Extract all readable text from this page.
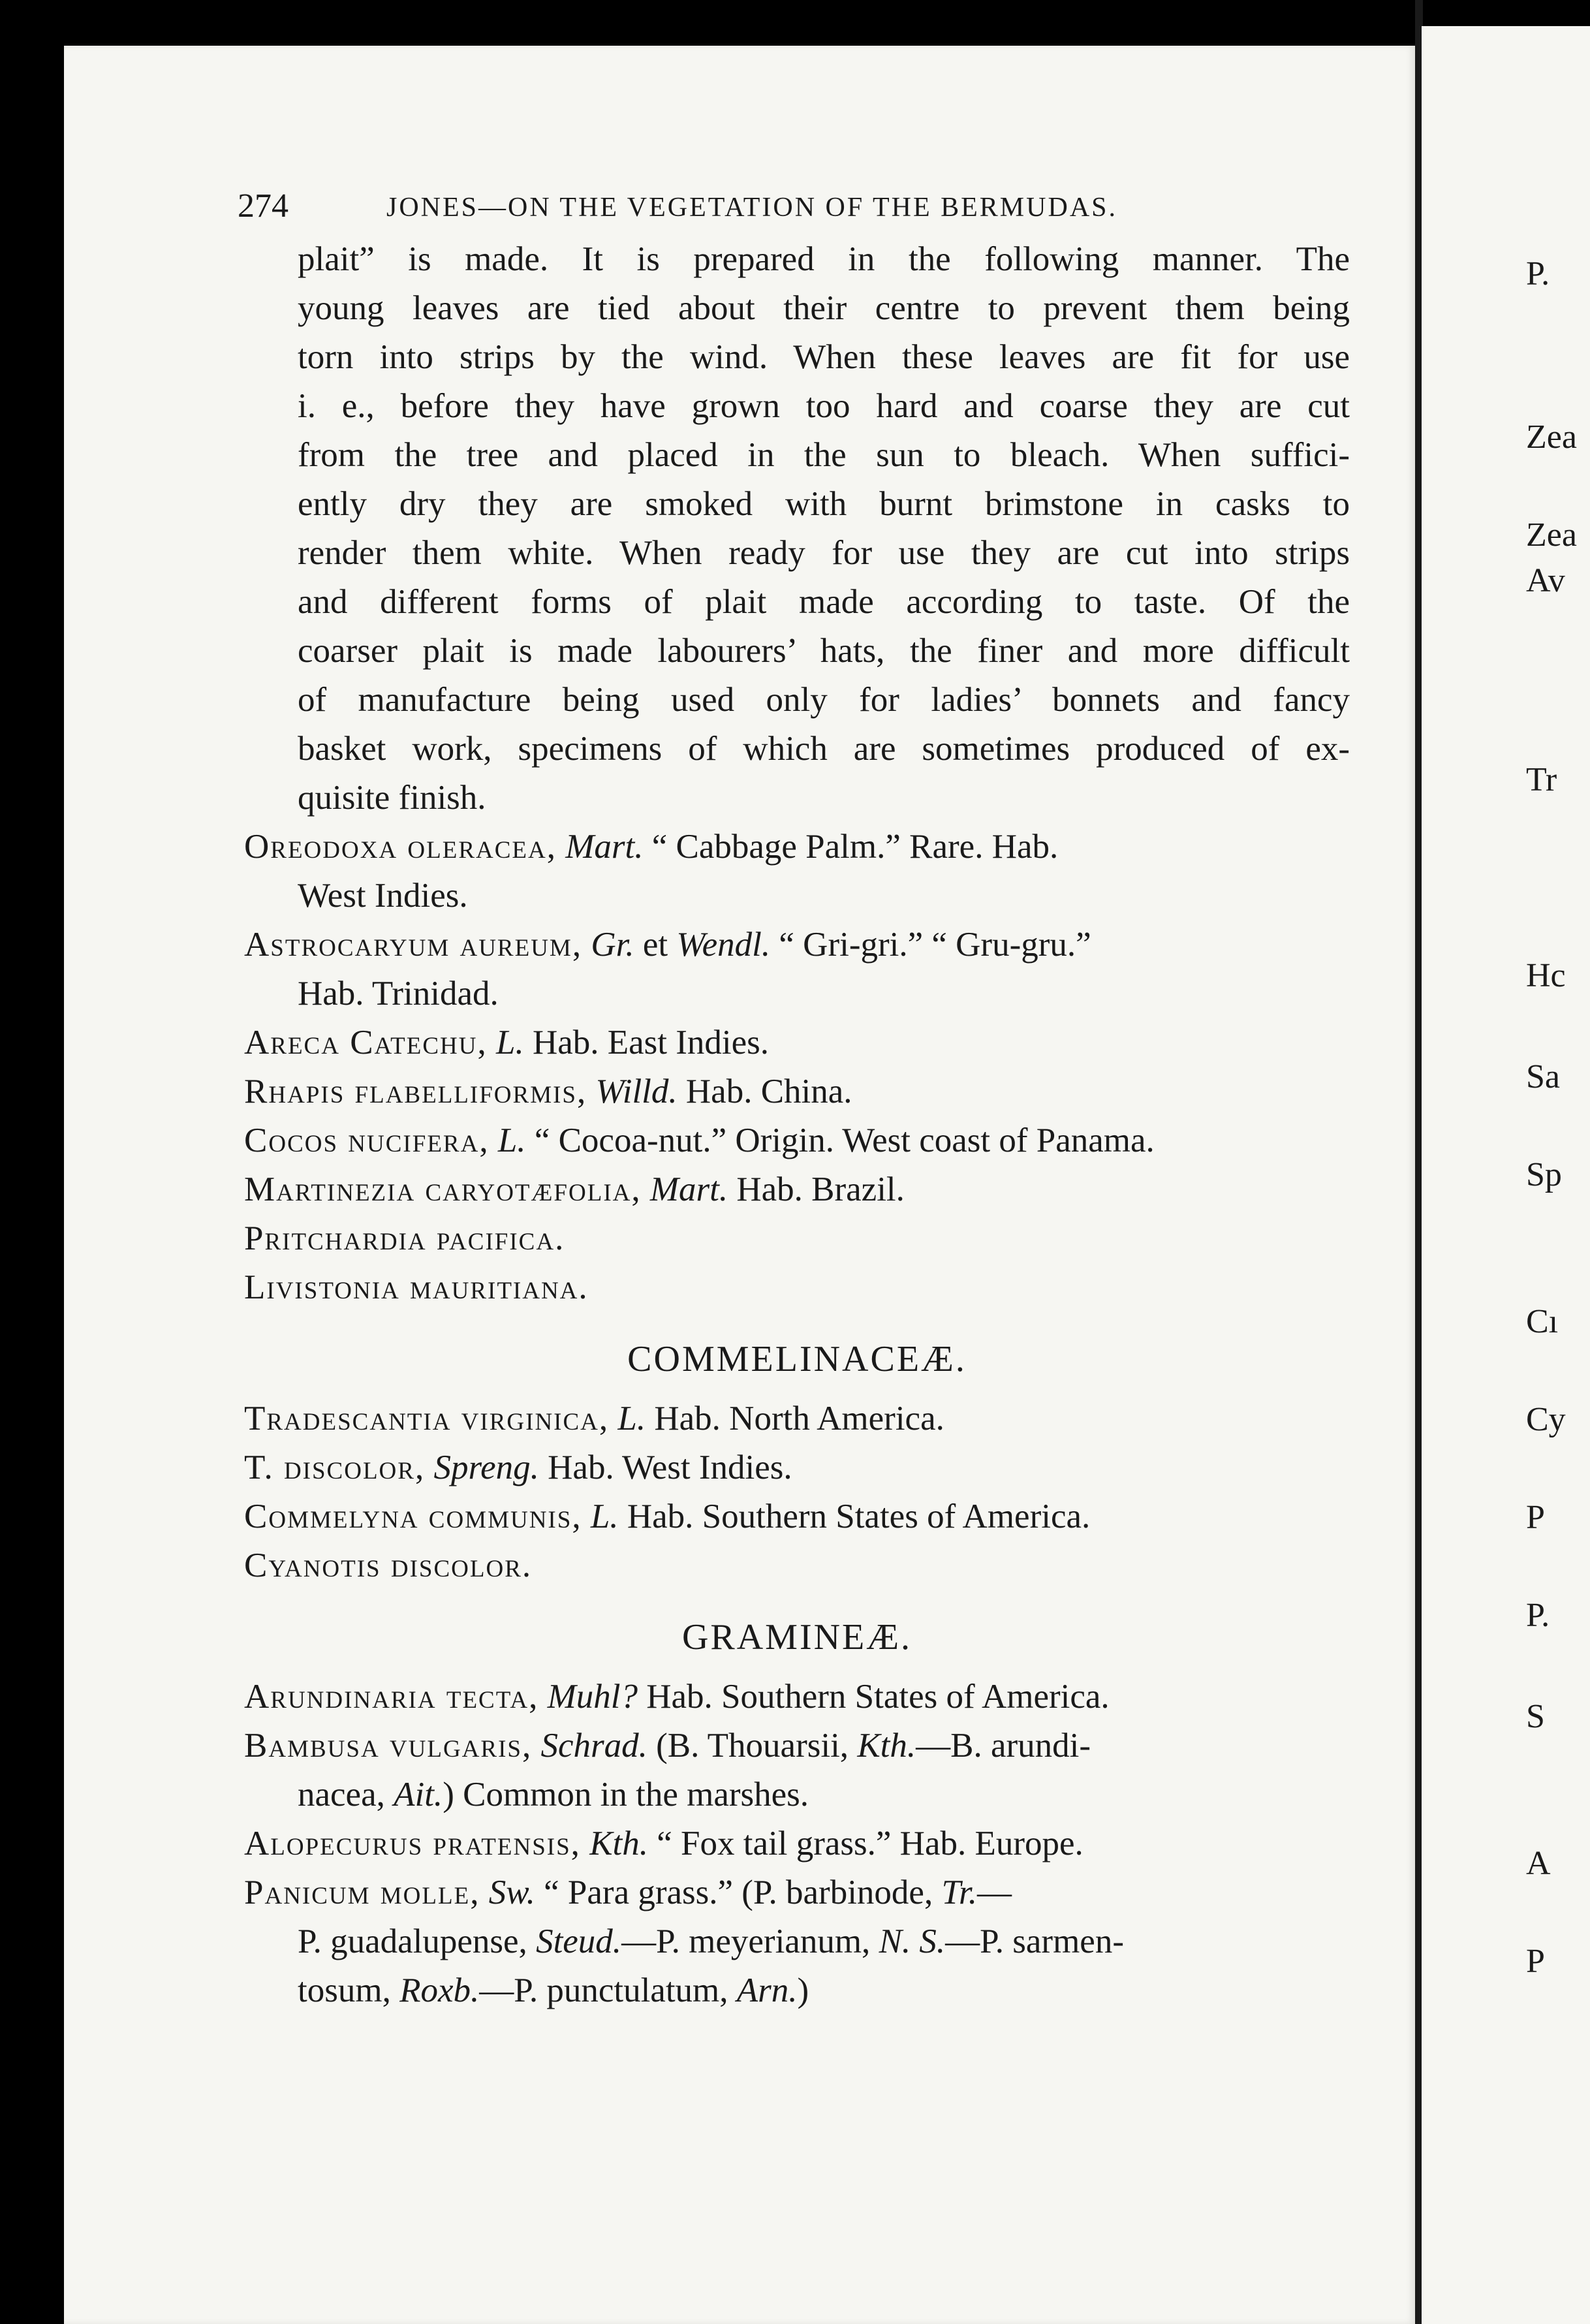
P.
Zea
Zea
Av
Tr
Hc
Sa
Sp
Cı
Cy
P
P.
S
A
P
274	JONES—ON THE VEGETATION OF THE BERMUDAS.
plait” is made. It is prepared in the following manner. The
young leaves are tied about their centre to prevent them being
torn into strips by the wind. When these leaves are fit for use
i. e., before they have grown too hard and coarse they are cut
from the tree and placed in the sun to bleach. When suffici-
ently dry they are smoked with burnt brimstone in casks to
render them white. When ready for use they are cut into strips
and different forms of plait made according to taste. Of the
coarser plait is made labourers’ hats, the finer and more difficult
of manufacture being used only for ladies’ bonnets and fancy
basket work, specimens of which are sometimes produced of ex-
quisite finish.
Oreodoxa oleracea, Mart. “ Cabbage Palm.” Rare. Hab.
West Indies.
Astrocaryum aureum, Gr. et Wendl. “ Gri-gri.” “ Gru-gru.”
Hab. Trinidad.
Areca Catechu, L. Hab. East Indies.
Rhapis flabelliformis, Willd. Hab. China.
Cocos nucifera, L. “ Cocoa-nut.” Origin. West coast of Panama.
Martinezia caryotæfolia, Mart. Hab. Brazil.
Pritchardia pacifica.
Livistonia mauritiana.
COMMELINACEÆ.
Tradescantia virginica, L. Hab. North America.
T. discolor, Spreng. Hab. West Indies.
Commelyna communis, L. Hab. Southern States of America.
Cyanotis discolor.
GRAMINEÆ.
Arundinaria tecta, Muhl? Hab. Southern States of America.
Bambusa vulgaris, Schrad. (B. Thouarsii, Kth.—B. arundi-
nacea, Ait.) Common in the marshes.
Alopecurus pratensis, Kth. “ Fox tail grass.” Hab. Europe.
Panicum molle, Sw. “ Para grass.” (P. barbinode, Tr.—
P. guadalupense, Steud.—P. meyerianum, N. S.—P. sarmen-
tosum, Roxb.—P. punctulatum, Arn.)
